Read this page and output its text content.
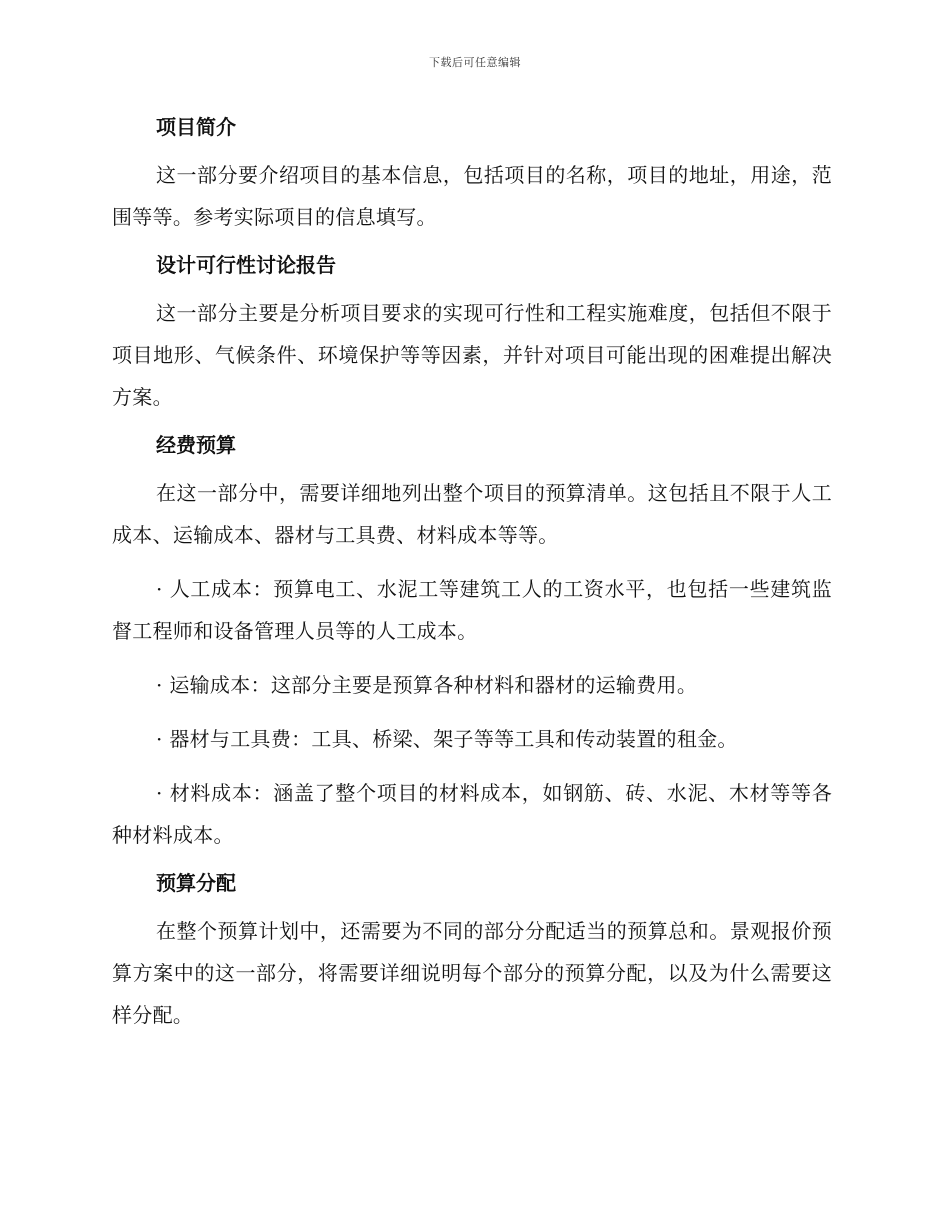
下载后可任意编辑
项目简介

这一部分要介绍项目的基本信息，包括项目的名称，项目的地址，用途，范围等等。参考实际项目的信息填写。

设计可行性讨论报告

这一部分主要是分析项目要求的实现可行性和工程实施难度，包括但不限于项目地形、气候条件、环境保护等等因素，并针对项目可能出现的困难提出解决方案。

经费预算

在这一部分中，需要详细地列出整个项目的预算清单。这包括且不限于人工成本、运输成本、器材与工具费、材料成本等等。

· 人工成本：预算电工、水泥工等建筑工人的工资水平，也包括一些建筑监督工程师和设备管理人员等的人工成本。

· 运输成本：这部分主要是预算各种材料和器材的运输费用。

· 器材与工具费：工具、桥梁、架子等等工具和传动装置的租金。

· 材料成本：涵盖了整个项目的材料成本，如钢筋、砖、水泥、木材等等各种材料成本。

预算分配

在整个预算计划中，还需要为不同的部分分配适当的预算总和。景观报价预算方案中的这一部分，将需要详细说明每个部分的预算分配，以及为什么需要这样分配。
